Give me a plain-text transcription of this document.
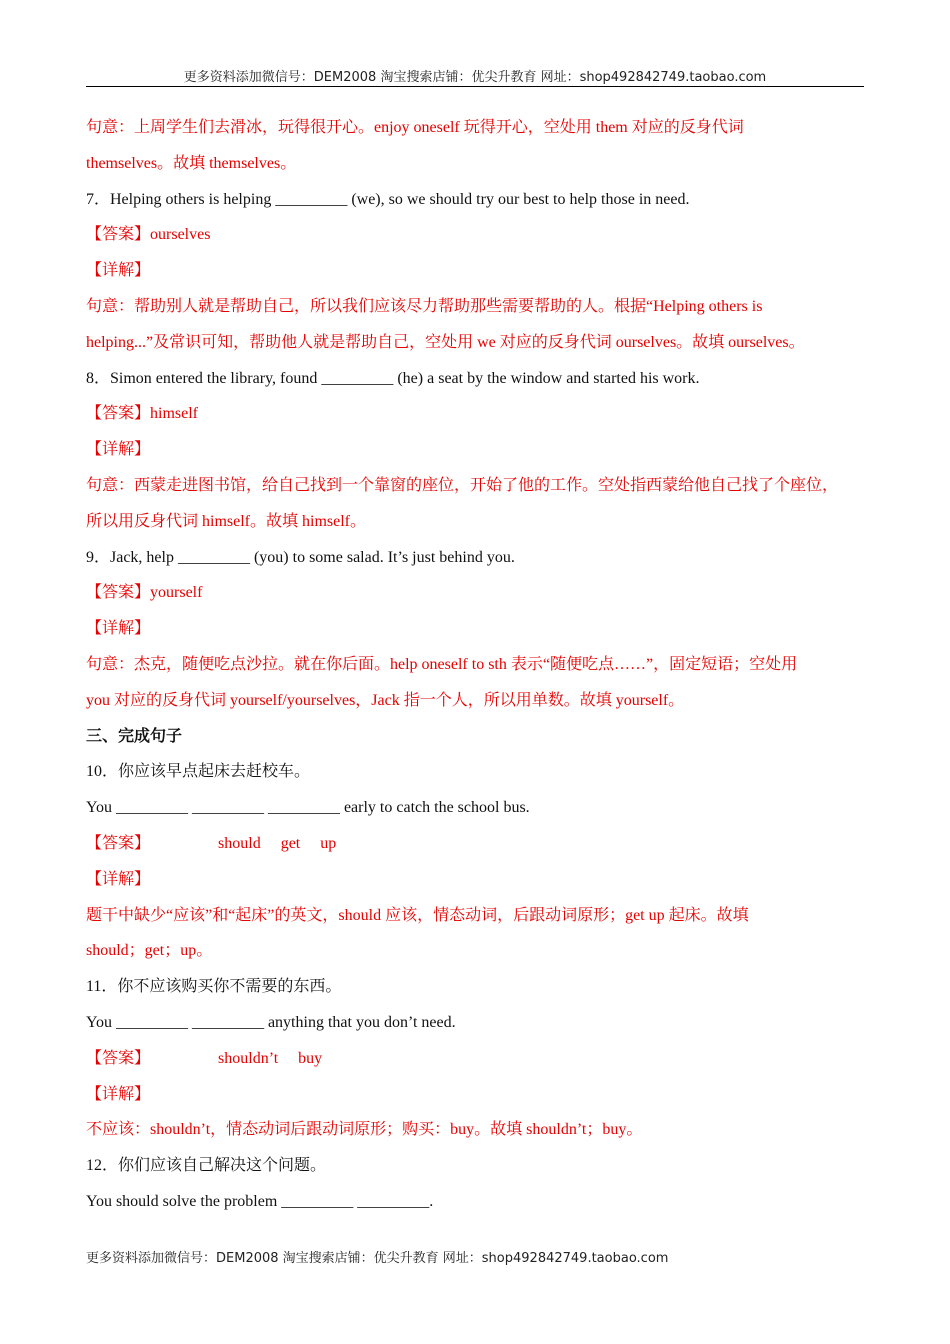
更多资料添加微信号：DEM2008 淘宝搜索店铺：优尖升教育 网址：shop492842749.taobao.com
句意：上周学生们去滑冰，玩得很开心。enjoy oneself 玩得开心，空处用 them 对应的反身代词
themselves。故填 themselves。
7．Helping others is helping _________ (we), so we should try our best to help those in need.
【答案】ourselves
【详解】
句意：帮助别人就是帮助自己，所以我们应该尽力帮助那些需要帮助的人。根据“Helping others is
helping...”及常识可知，帮助他人就是帮助自己，空处用 we 对应的反身代词 ourselves。故填 ourselves。
8．Simon entered the library, found _________ (he) a seat by the window and started his work.
【答案】himself
【详解】
句意：西蒙走进图书馆，给自己找到一个靠窗的座位，开始了他的工作。空处指西蒙给他自己找了个座位，
所以用反身代词 himself。故填 himself。
9．Jack, help _________ (you) to some salad. It’s just behind you.
【答案】yourself
【详解】
句意：杰克，随便吃点沙拉。就在你后面。help oneself to sth 表示“随便吃点……”，固定短语；空处用
you 对应的反身代词 yourself/yourselves，Jack 指一个人，所以用单数。故填 yourself。
三、完成句子
10．你应该早点起床去赶校车。
You _________ _________ _________ early to catch the school bus.
【答案】	should get up
【详解】
题干中缺少“应该”和“起床”的英文，should 应该，情态动词，后跟动词原形；get up 起床。故填
should；get；up。
11．你不应该购买你不需要的东西。
You _________ _________ anything that you don’t need.
【答案】	shouldn’t buy
【详解】
不应该：shouldn’t，情态动词后跟动词原形；购买：buy。故填 shouldn’t；buy。
12．你们应该自己解决这个问题。
You should solve the problem _________ _________.
更多资料添加微信号：DEM2008 淘宝搜索店铺：优尖升教育 网址：shop492842749.taobao.com
